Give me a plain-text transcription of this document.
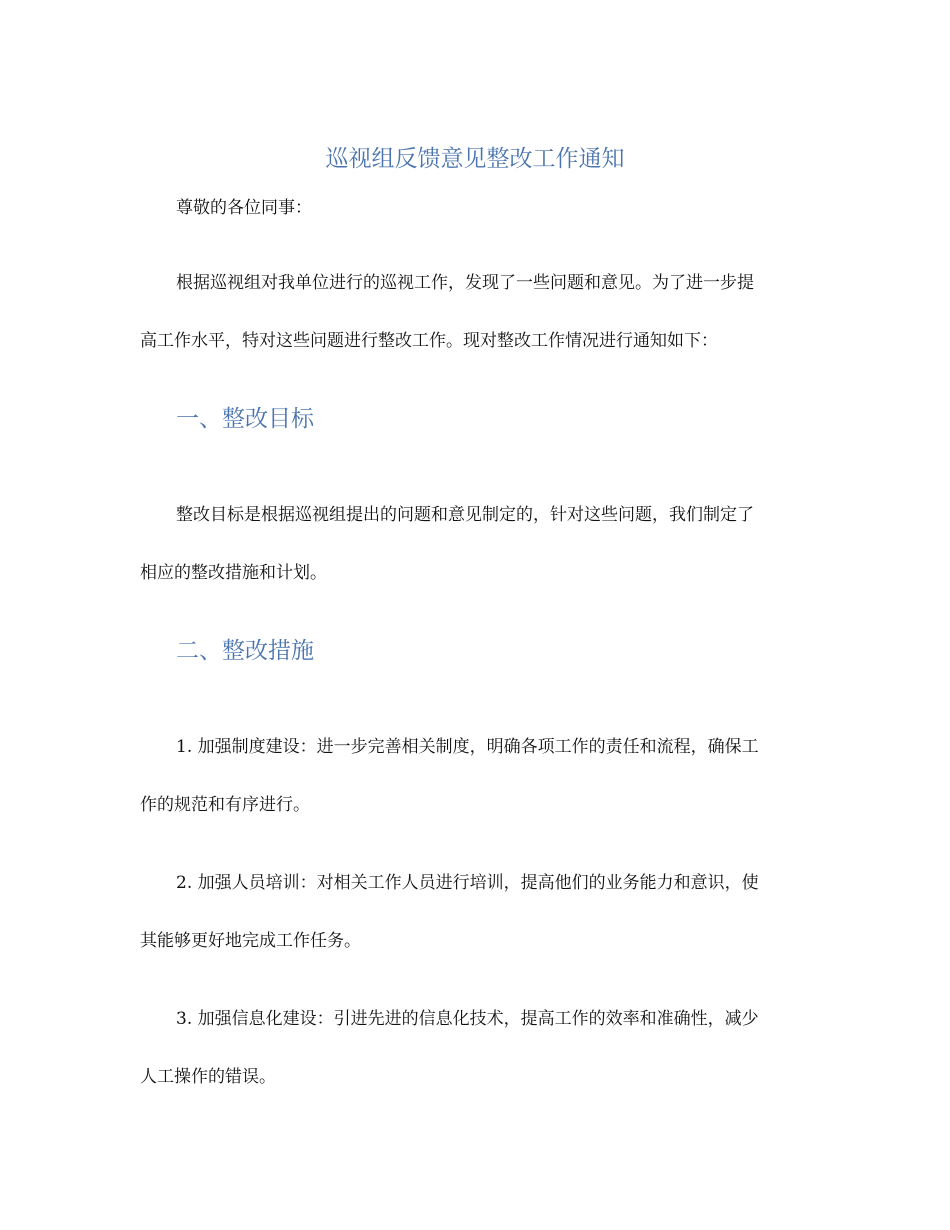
巡视组反馈意见整改工作通知

尊敬的各位同事：

根据巡视组对我单位进行的巡视工作，发现了一些问题和意见。为了进一步提
高工作水平，特对这些问题进行整改工作。现对整改工作情况进行通知如下：

一、整改目标

整改目标是根据巡视组提出的问题和意见制定的，针对这些问题，我们制定了
相应的整改措施和计划。

二、整改措施

1. 加强制度建设：进一步完善相关制度，明确各项工作的责任和流程，确保工
作的规范和有序进行。

2. 加强人员培训：对相关工作人员进行培训，提高他们的业务能力和意识，使
其能够更好地完成工作任务。

3. 加强信息化建设：引进先进的信息化技术，提高工作的效率和准确性，减少
人工操作的错误。
